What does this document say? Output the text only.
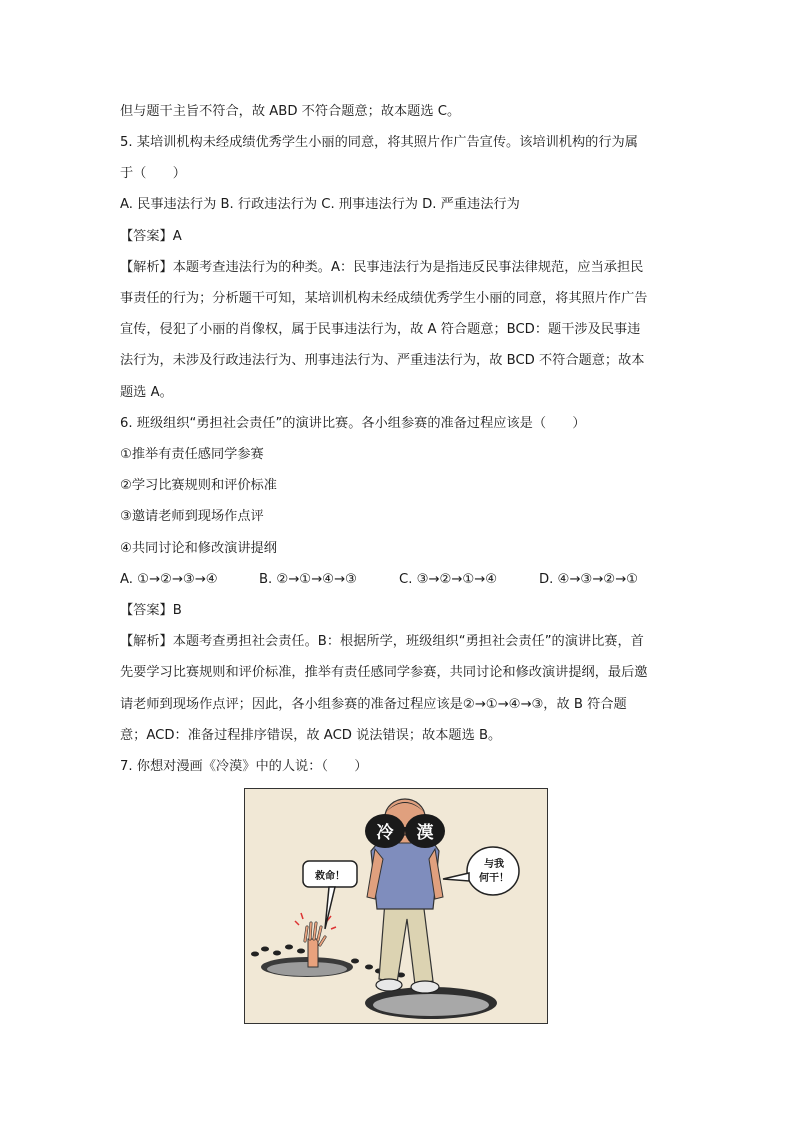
但与题干主旨不符合，故 ABD 不符合题意；故本题选 C。
5. 某培训机构未经成绩优秀学生小丽的同意，将其照片作广告宣传。该培训机构的行为属
于（　　）
A. 民事违法行为 B. 行政违法行为 C. 刑事违法行为 D. 严重违法行为
【答案】A
【解析】本题考查违法行为的种类。A：民事违法行为是指违反民事法律规范，应当承担民
事责任的行为；分析题干可知，某培训机构未经成绩优秀学生小丽的同意，将其照片作广告
宣传，侵犯了小丽的肖像权，属于民事违法行为，故 A 符合题意；BCD：题干涉及民事违
法行为，未涉及行政违法行为、刑事违法行为、严重违法行为，故 BCD 不符合题意；故本
题选 A。
6. 班级组织“勇担社会责任”的演讲比赛。各小组参赛的准备过程应该是（　　）
①推举有责任感同学参赛
②学习比赛规则和评价标准
③邀请老师到现场作点评
④共同讨论和修改演讲提纲
A. ①→②→③→④	B. ②→①→④→③	C. ③→②→①→④	D. ④→③→②→①
【答案】B
【解析】本题考查勇担社会责任。B：根据所学，班级组织“勇担社会责任”的演讲比赛，首
先要学习比赛规则和评价标准，推举有责任感同学参赛，共同讨论和修改演讲提纲，最后邀
请老师到现场作点评；因此，各小组参赛的准备过程应该是②→①→④→③，故 B 符合题
意；ACD：准备过程排序错误，故 ACD 说法错误；故本题选 B。
7. 你想对漫画《冷漠》中的人说：（　　）
救命！
与我
何干！
冷 漠
